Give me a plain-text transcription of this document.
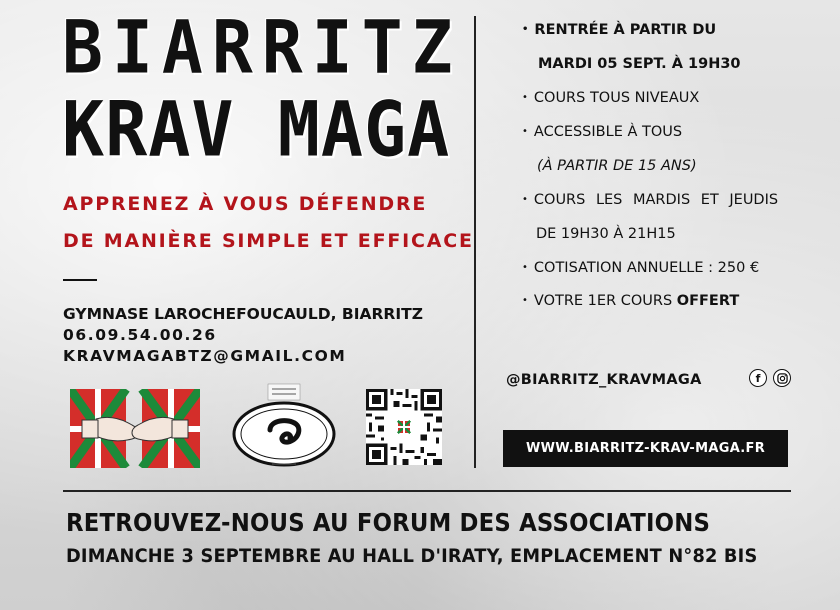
BIARRITZ
KRAV MAGA
APPRENEZ À VOUS DÉFENDRE
DE MANIÈRE SIMPLE ET EFFICACE
GYMNASE LAROCHEFOUCAULD, BIARRITZ
06.09.54.00.26
KRAVMAGABTZ@GMAIL.COM
• RENTRÉE À PARTIR DU
MARDI 05 SEPT. À 19H30
• COURS TOUS NIVEAUX
• ACCESSIBLE À TOUS
(À PARTIR DE 15 ANS)
• COURS LES MARDIS ET JEUDIS
DE 19H30 À 21H15
• COTISATION ANNUELLE : 250 €
• VOTRE 1ER COURS OFFERT
@BIARRITZ_KRAVMAGA	f
WWW.BIARRITZ-KRAV-MAGA.FR
RETROUVEZ-NOUS AU FORUM DES ASSOCIATIONS
DIMANCHE 3 SEPTEMBRE AU HALL D'IRATY, EMPLACEMENT N°82 BIS
